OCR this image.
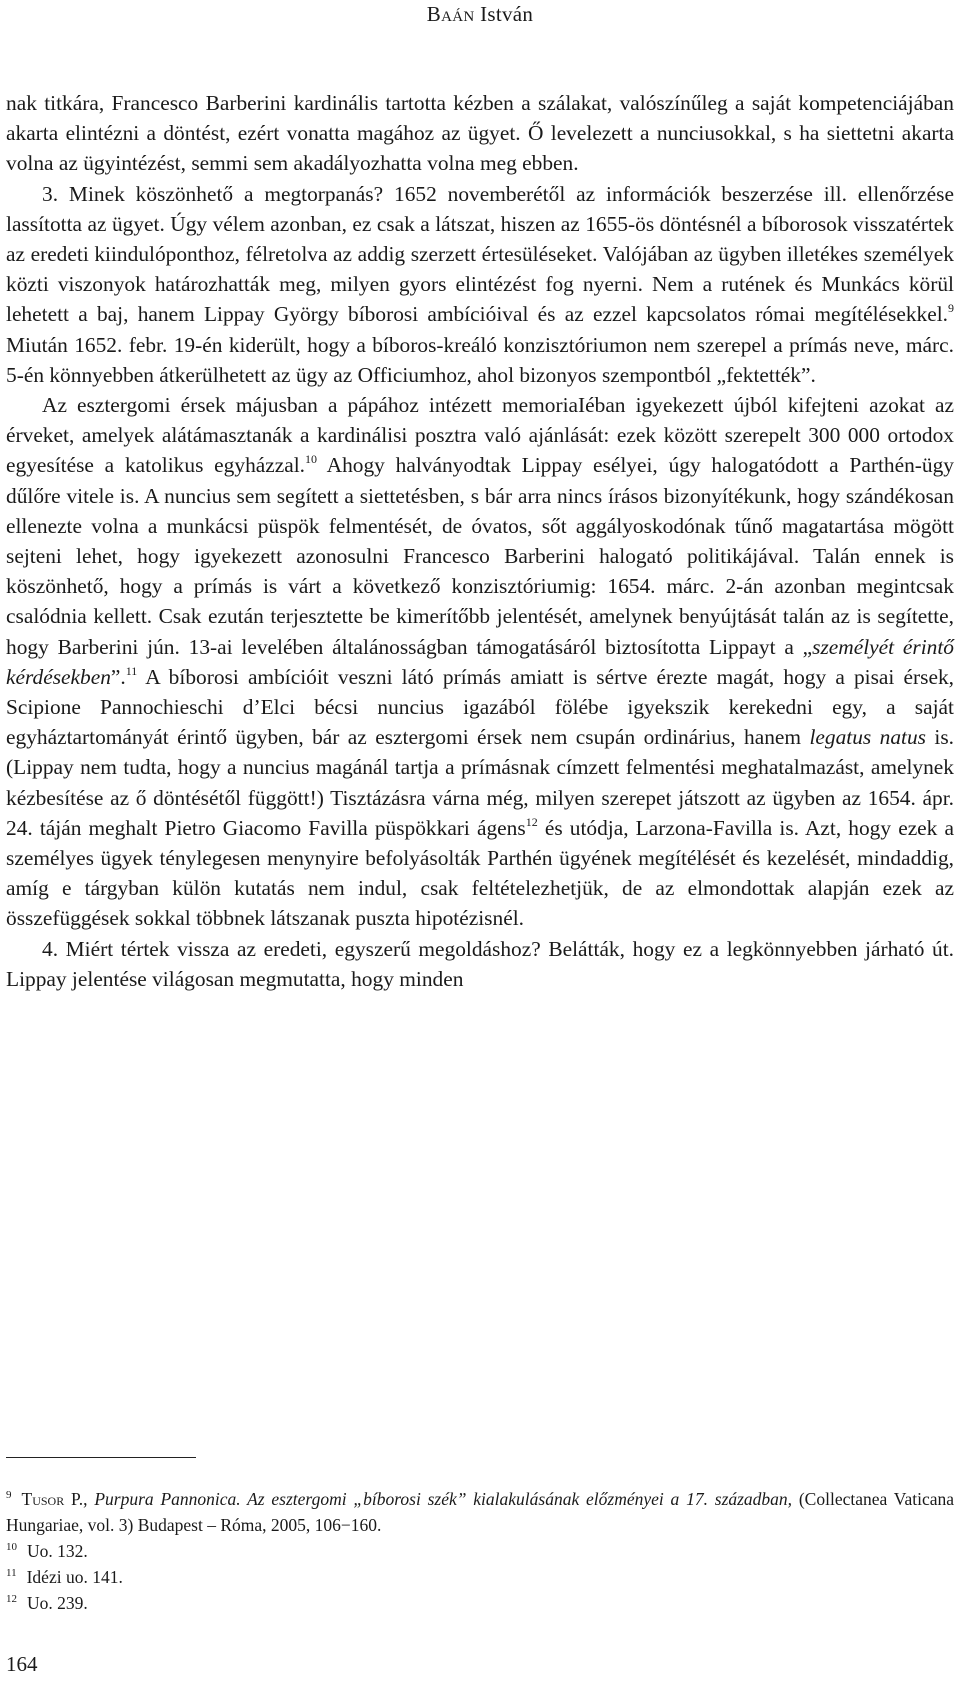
Baán István

nak titkára, Francesco Barberini kardinális tartotta kézben a szálakat, valószínűleg a saját kompetenciájában akarta elintézni a döntést, ezért vonatta magához az ügyet. Ő levelezett a nunciusokkal, s ha siettetni akarta volna az ügyintézést, semmi sem akadályozhatta volna meg ebben.

3. Minek köszönhető a megtorpanás? 1652 novemberétől az információk beszerzése ill. ellenőrzése lassította az ügyet. Úgy vélem azonban, ez csak a látszat, hiszen az 1655-ös döntésnél a bíborosok visszatértek az eredeti kiindulóponthoz, félretolva az addig szerzett értesüléseket. Valójában az ügyben illetékes személyek közti viszonyok határozhatták meg, milyen gyors elintézést fog nyerni. Nem a rutének és Munkács körül lehetett a baj, hanem Lippay György bíborosi ambícióival és az ezzel kapcsolatos római megítélésekkel.$^9$ Miután 1652. febr. 19-én kiderült, hogy a bíboros-kreáló konzisztóriumon nem szerepel a prímás neve, márc. 5-én könnyebben átkerülhetett az ügy az Officiumhoz, ahol bizonyos szempontból „fektették”.

Az esztergomi érsek májusban a pápához intézett memoriaIéban igyekezett újból kifejteni azokat az érveket, amelyek alátámasztanák a kardinálisi posztra való ajánlását: ezek között szerepelt 300 000 ortodox egyesítése a katolikus egyházzal.$^{10}$ Ahogy halványodtak Lippay esélyei, úgy halogatódott a Parthén-ügy dűlőre vitele is. A nuncius sem segített a siettetésben, s bár arra nincs írásos bizonyítékunk, hogy szándékosan ellenezte volna a munkácsi püspök felmentését, de óvatos, sőt aggályoskodónak tűnő magatartása mögött sejteni lehet, hogy igyekezett azonosulni Francesco Barberini halogató politikájával. Talán ennek is köszönhető, hogy a prímás is várt a következő konzisztóriumig: 1654. márc. 2-án azonban megintcsak csalódnia kellett. Csak ezután terjesztette be kimerítőbb jelentését, amelynek benyújtását talán az is segítette, hogy Barberini jún. 13-ai levelében általánosságban támogatásáról biztosította Lippayt a „személyét érintő kérdésekben”.$^{11}$ A bíborosi ambícióit veszni látó prímás amiatt is sértve érezte magát, hogy a pisai érsek, Scipione Pannochieschi d’Elci bécsi nuncius igazából fölébe igyekszik kerekedni egy, a saját egyháztartományát érintő ügyben, bár az esztergomi érsek nem csupán ordinárius, hanem legatus natus is. (Lippay nem tudta, hogy a nuncius magánál tartja a prímásnak címzett felmentési meghatalmazást, amelynek kézbesítése az ő döntésétől függött!) Tisztázásra várna még, milyen szerepet játszott az ügyben az 1654. ápr. 24. táján meghalt Pietro Giacomo Favilla püspökkari ágens$^{12}$ és utódja, Larzona-Favilla is. Azt, hogy ezek a személyes ügyek ténylegesen menynyire befolyásolták Parthén ügyének megítélését és kezelését, mindaddig, amíg e tárgyban külön kutatás nem indul, csak feltételezhetjük, de az elmondottak alapján ezek az összefüggések sokkal többnek látszanak puszta hipotézisnél.

4. Miért tértek vissza az eredeti, egyszerű megoldáshoz? Belátták, hogy ez a legkönnyebben járható út. Lippay jelentése világosan megmutatta, hogy minden

$^9$ Tusor P., Purpura Pannonica. Az esztergomi „bíborosi szék” kialakulásának előzményei a 17. században, (Collectanea Vaticana Hungariae, vol. 3) Budapest – Róma, 2005, 106−160.

$^{10}$ Uo. 132.

$^{11}$ Idézi uo. 141.

$^{12}$ Uo. 239.

164
